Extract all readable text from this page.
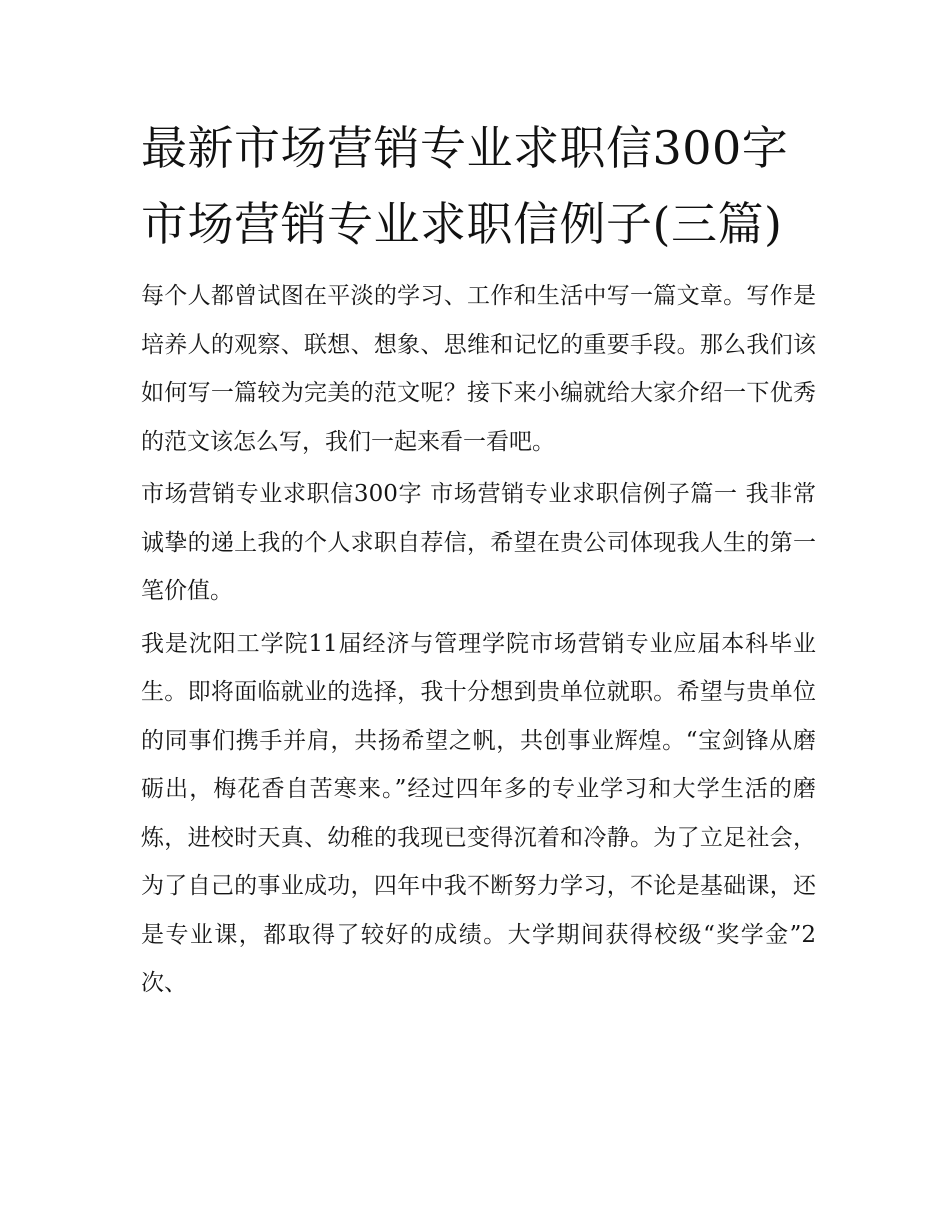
最新市场营销专业求职信300字 市场营销专业求职信例子(三篇)

每个人都曾试图在平淡的学习、工作和生活中写一篇文章。写作是培养人的观察、联想、想象、思维和记忆的重要手段。那么我们该如何写一篇较为完美的范文呢？接下来小编就给大家介绍一下优秀的范文该怎么写，我们一起来看一看吧。

市场营销专业求职信300字 市场营销专业求职信例子篇一 我非常诚挚的递上我的个人求职自荐信，希望在贵公司体现我人生的第一笔价值。

我是沈阳工学院11届经济与管理学院市场营销专业应届本科毕业生。即将面临就业的选择，我十分想到贵单位就职。希望与贵单位的同事们携手并肩，共扬希望之帆，共创事业辉煌。“宝剑锋从磨砺出，梅花香自苦寒来。”经过四年多的专业学习和大学生活的磨炼，进校时天真、幼稚的我现已变得沉着和冷静。为了立足社会，为了自己的事业成功，四年中我不断努力学习，不论是基础课，还是专业课，都取得了较好的成绩。大学期间获得校级“奖学金”2次、
